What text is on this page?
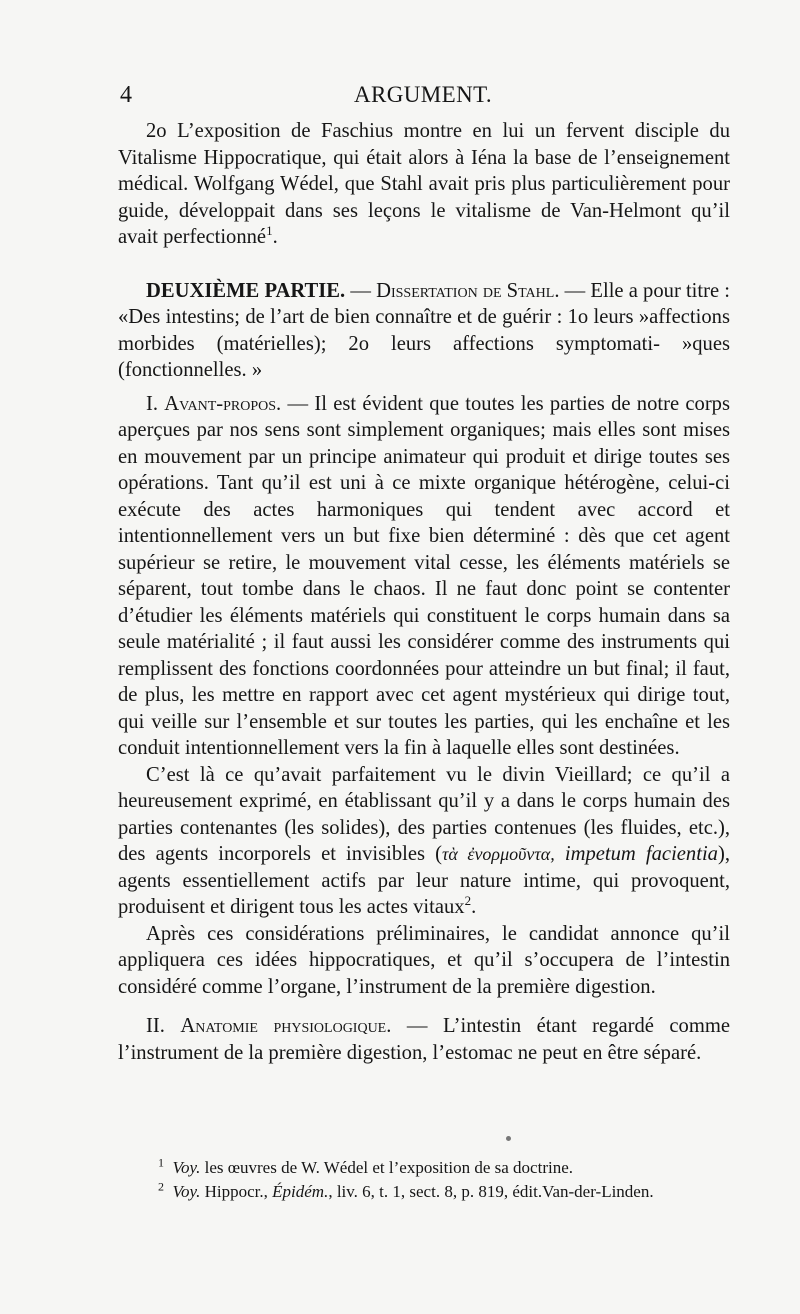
4	ARGUMENT.

2o L’exposition de Faschius montre en lui un fervent disciple du Vitalisme Hippocratique, qui était alors à Iéna la base de l’enseignement médical. Wolfgang Wédel, que Stahl avait pris plus particulièrement pour guide, développait dans ses leçons le vitalisme de Van-Helmont qu’il avait perfectionné$^1$.

DEUXIÈME PARTIE. — Dissertation de Stahl. — Elle a pour titre : «Des intestins; de l’art de bien connaître et de guérir : 1o leurs »affections morbides (matérielles); 2o leurs affections symptomati- »ques (fonctionnelles. »

I. Avant-propos. — Il est évident que toutes les parties de notre corps aperçues par nos sens sont simplement organiques; mais elles sont mises en mouvement par un principe animateur qui produit et dirige toutes ses opérations. Tant qu’il est uni à ce mixte organique hétérogène, celui-ci exécute des actes harmoniques qui tendent avec accord et intentionnellement vers un but fixe bien déterminé : dès que cet agent supérieur se retire, le mouvement vital cesse, les éléments matériels se séparent, tout tombe dans le chaos. Il ne faut donc point se contenter d’étudier les éléments matériels qui constituent le corps humain dans sa seule matérialité ; il faut aussi les considérer comme des instruments qui remplissent des fonctions coordonnées pour atteindre un but final; il faut, de plus, les mettre en rapport avec cet agent mystérieux qui dirige tout, qui veille sur l’ensemble et sur toutes les parties, qui les enchaîne et les conduit intentionnellement vers la fin à laquelle elles sont destinées.

C’est là ce qu’avait parfaitement vu le divin Vieillard; ce qu’il a heureusement exprimé, en établissant qu’il y a dans le corps humain des parties contenantes (les solides), des parties contenues (les fluides, etc.), des agents incorporels et invisibles (τὰ ἐνορμοῦντα, impetum facientia), agents essentiellement actifs par leur nature intime, qui provoquent, produisent et dirigent tous les actes vitaux$^2$.

Après ces considérations préliminaires, le candidat annonce qu’il appliquera ces idées hippocratiques, et qu’il s’occupera de l’intestin considéré comme l’organe, l’instrument de la première digestion.

II. Anatomie physiologique. — L’intestin étant regardé comme l’instrument de la première digestion, l’estomac ne peut en être séparé.

$^1$ Voy. les œuvres de W. Wédel et l’exposition de sa doctrine.

$^2$ Voy. Hippocr., Épidém., liv. 6, t. 1, sect. 8, p. 819, édit.Van-der-Linden.
